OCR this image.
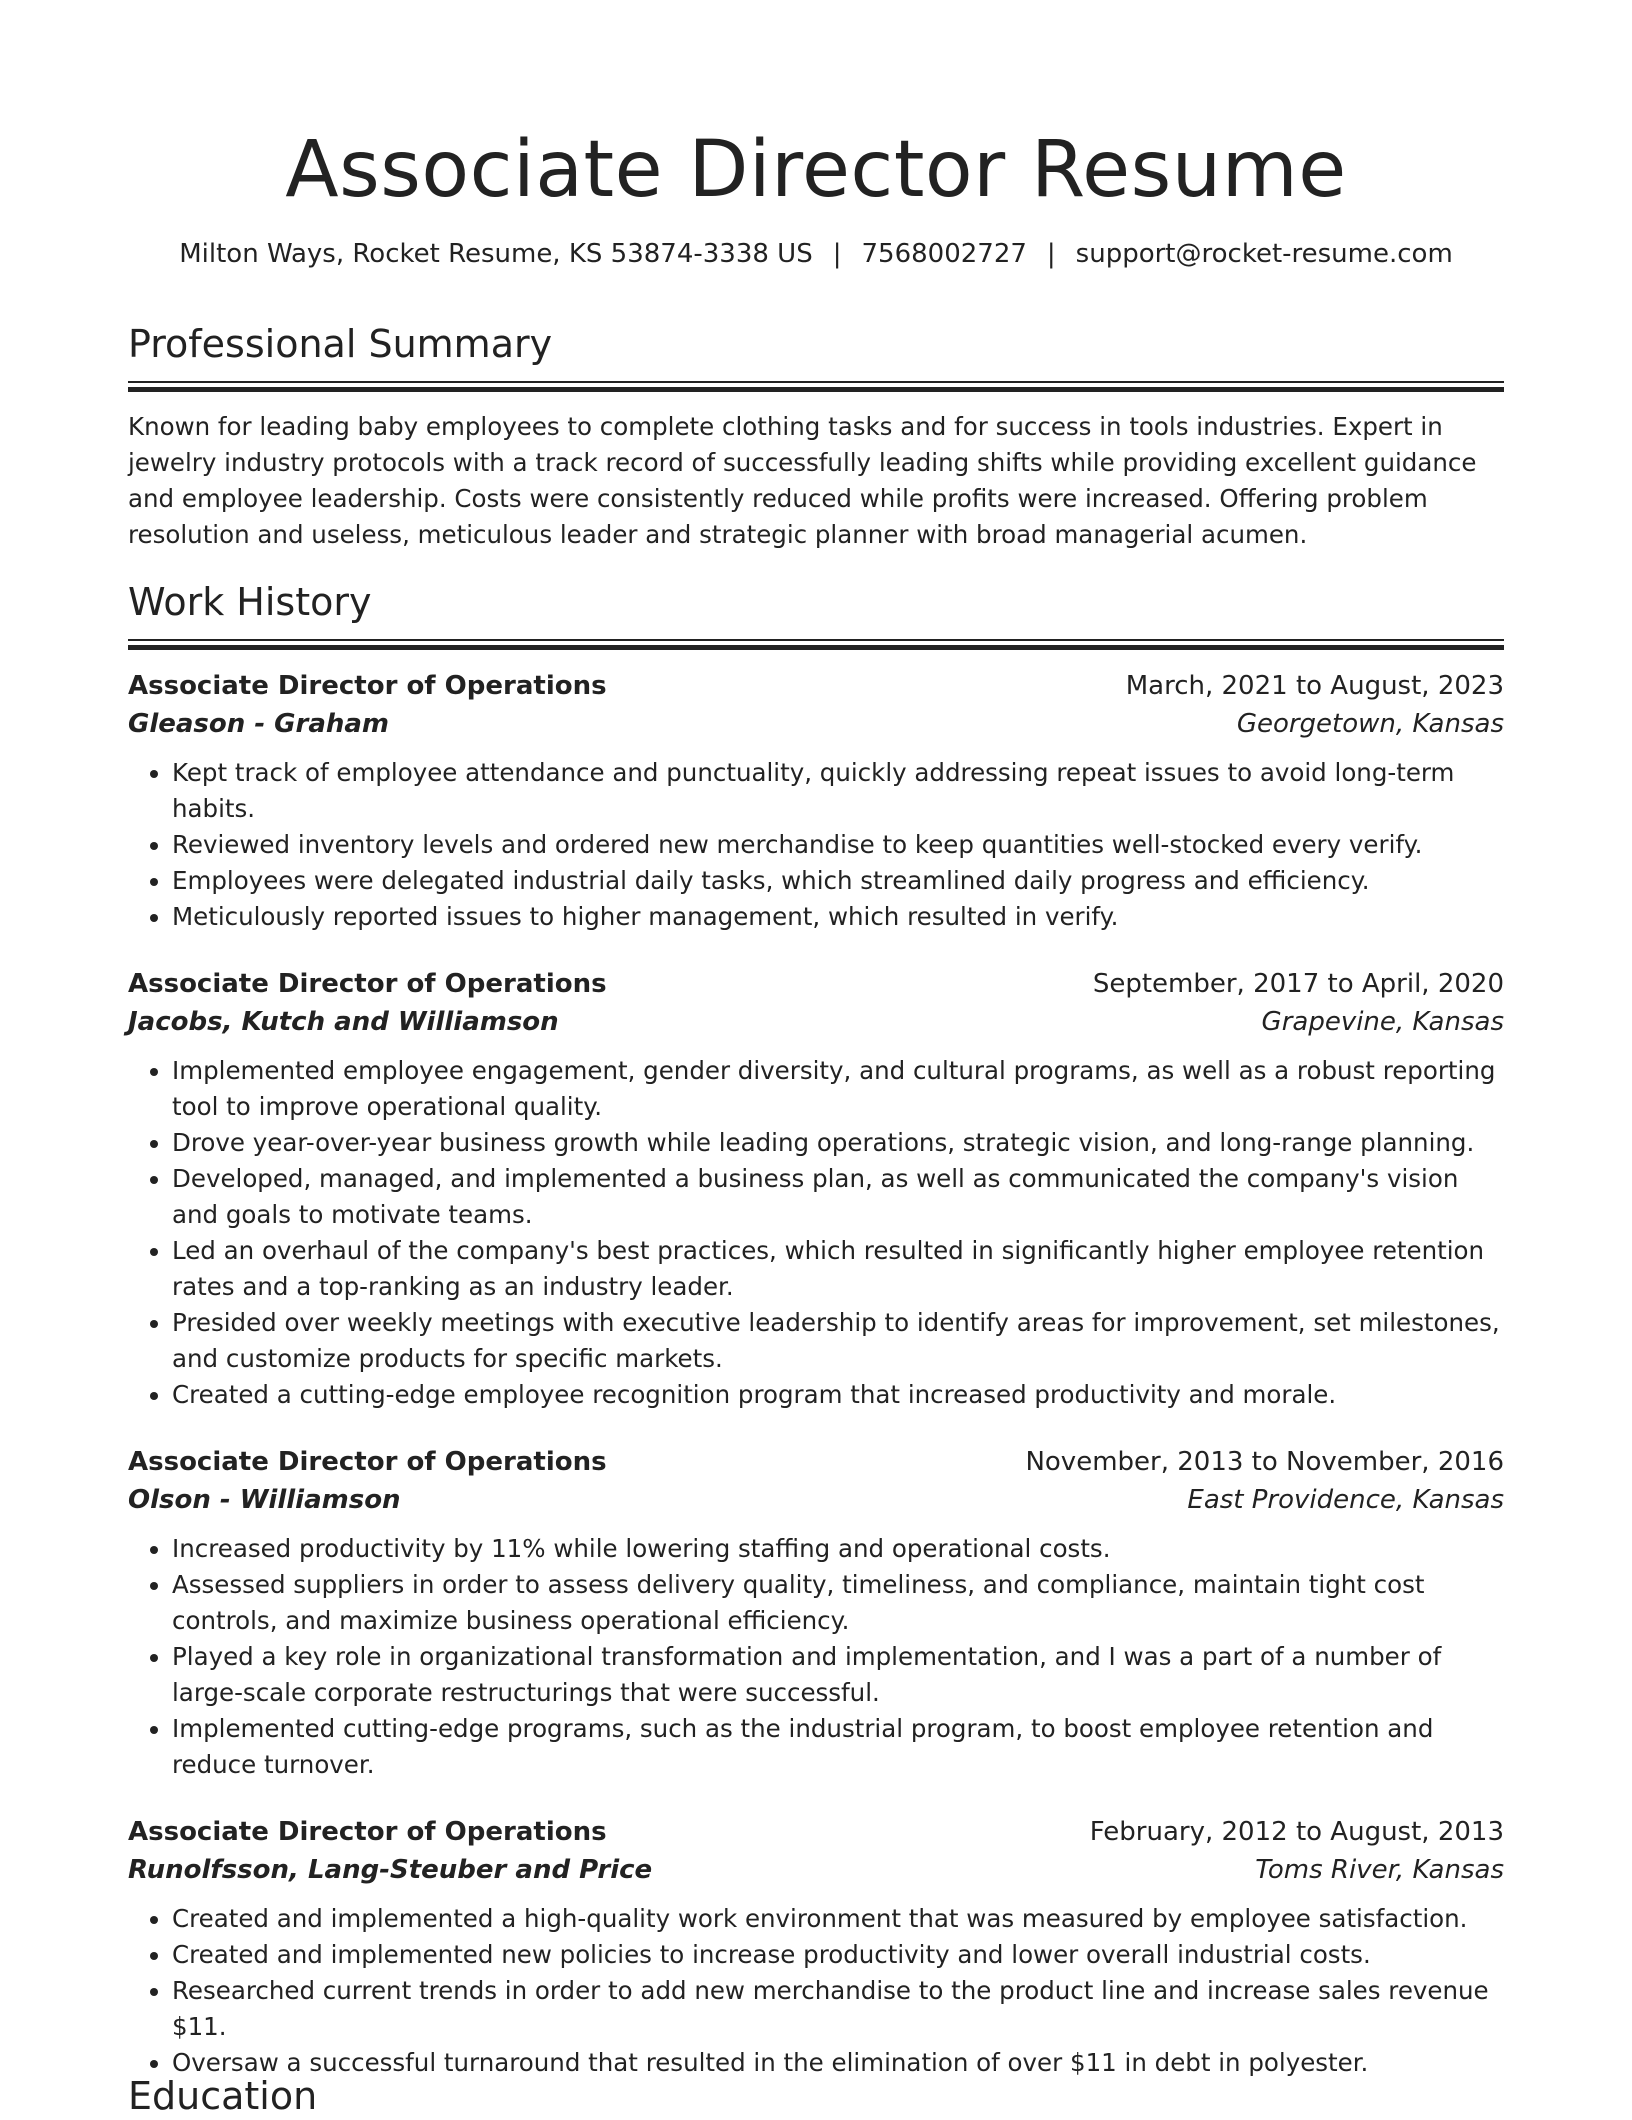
Associate Director Resume
Milton Ways, Rocket Resume, KS 53874-3338 US | 7568002727 | support@rocket-resume.com
Professional Summary

Known for leading baby employees to complete clothing tasks and for success in tools industries. Expert in jewelry industry protocols with a track record of successfully leading shifts while providing excellent guidance and employee leadership. Costs were consistently reduced while profits were increased. Offering problem resolution and useless, meticulous leader and strategic planner with broad managerial acumen.

Work History
Associate Director of Operations	March, 2021 to August, 2023
Gleason - Graham	Georgetown, Kansas
• Kept track of employee attendance and punctuality, quickly addressing repeat issues to avoid long-term habits.
• Reviewed inventory levels and ordered new merchandise to keep quantities well-stocked every verify.
• Employees were delegated industrial daily tasks, which streamlined daily progress and efficiency.
• Meticulously reported issues to higher management, which resulted in verify.
Associate Director of Operations	September, 2017 to April, 2020
Jacobs, Kutch and Williamson	Grapevine, Kansas
• Implemented employee engagement, gender diversity, and cultural programs, as well as a robust reporting tool to improve operational quality.
• Drove year-over-year business growth while leading operations, strategic vision, and long-range planning.
• Developed, managed, and implemented a business plan, as well as communicated the company's vision and goals to motivate teams.
• Led an overhaul of the company's best practices, which resulted in significantly higher employee retention rates and a top-ranking as an industry leader.
• Presided over weekly meetings with executive leadership to identify areas for improvement, set milestones, and customize products for specific markets.
• Created a cutting-edge employee recognition program that increased productivity and morale.
Associate Director of Operations	November, 2013 to November, 2016
Olson - Williamson	East Providence, Kansas
• Increased productivity by 11% while lowering staffing and operational costs.
• Assessed suppliers in order to assess delivery quality, timeliness, and compliance, maintain tight cost controls, and maximize business operational efficiency.
• Played a key role in organizational transformation and implementation, and I was a part of a number of large-scale corporate restructurings that were successful.
• Implemented cutting-edge programs, such as the industrial program, to boost employee retention and reduce turnover.
Associate Director of Operations	February, 2012 to August, 2013
Runolfsson, Lang-Steuber and Price	Toms River, Kansas
• Created and implemented a high-quality work environment that was measured by employee satisfaction.
• Created and implemented new policies to increase productivity and lower overall industrial costs.
• Researched current trends in order to add new merchandise to the product line and increase sales revenue $11.
• Oversaw a successful turnaround that resulted in the elimination of over $11 in debt in polyester.
Education
